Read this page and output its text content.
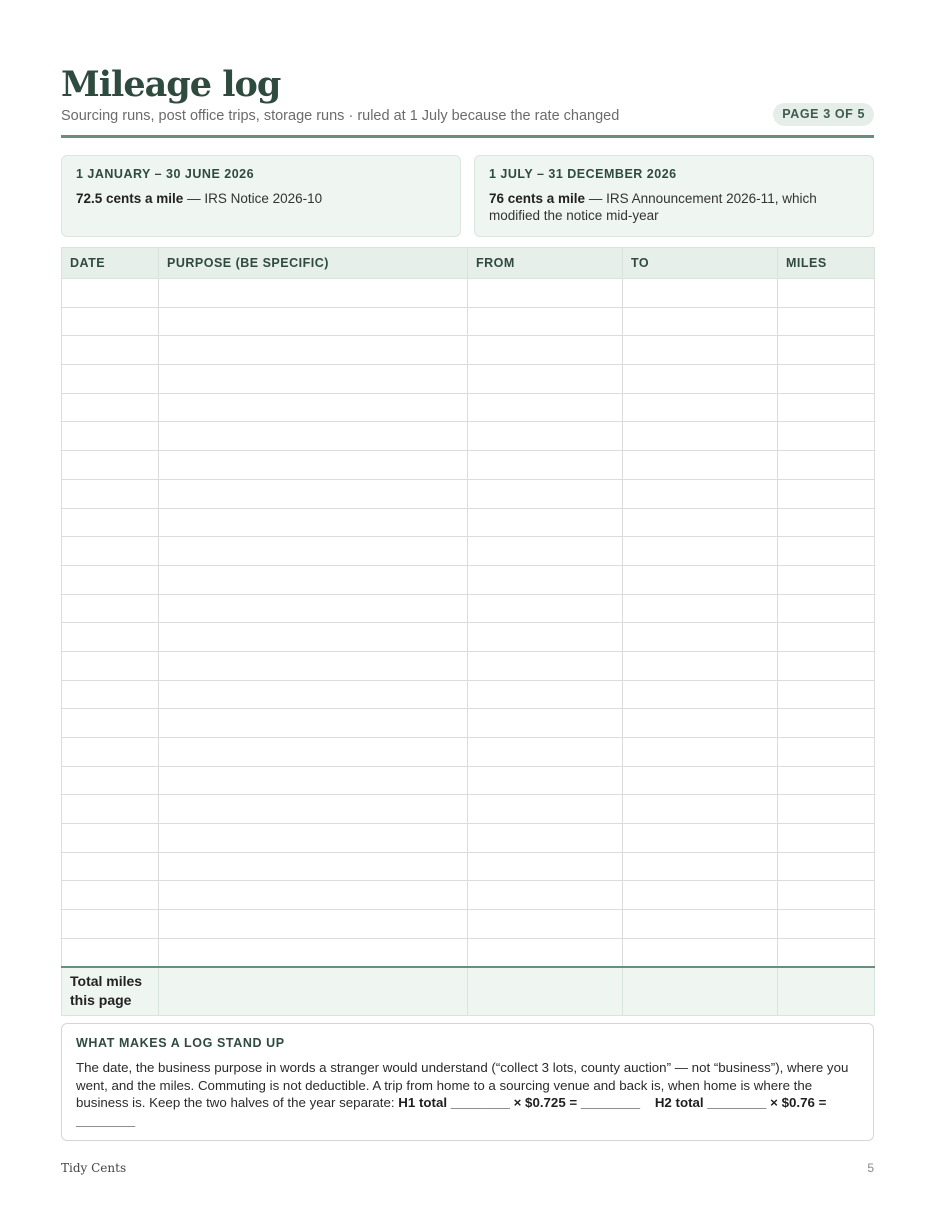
Mileage log
Sourcing runs, post office trips, storage runs · ruled at 1 July because the rate changed	PAGE 3 OF 5
1 JANUARY – 30 JUNE 2026
72.5 cents a mile — IRS Notice 2026-10
1 JULY – 31 DECEMBER 2026
76 cents a mile — IRS Announcement 2026-11, which modified the notice mid-year
DATE	PURPOSE (BE SPECIFIC)	FROM	TO	MILES

Total miles this page				
WHAT MAKES A LOG STAND UP
The date, the business purpose in words a stranger would understand (“collect 3 lots, county auction” — not “business”), where you went, and the miles. Commuting is not deductible. A trip from home to a sourcing venue and back is, when home is where the business is. Keep the two halves of the year separate: H1 total ________ × $0.725 = ________ H2 total ________ × $0.76 = ________
Tidy Cents	5
